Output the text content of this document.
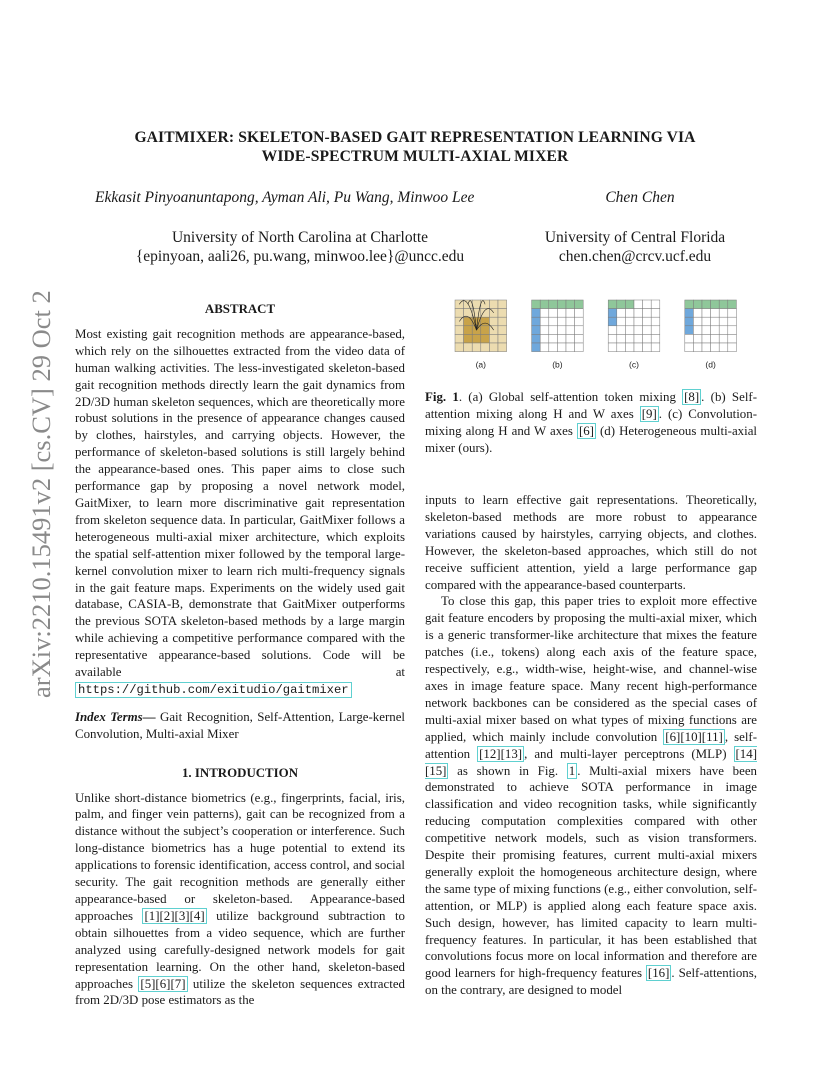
arXiv:2210.15491v2 [cs.CV] 29 Oct 2022
GAITMIXER: SKELETON-BASED GAIT REPRESENTATION LEARNING VIA
WIDE-SPECTRUM MULTI-AXIAL MIXER
Ekkasit Pinyoanuntapong, Ayman Ali, Pu Wang, Minwoo Lee	Chen Chen
University of North Carolina at Charlotte
{epinyoan, aali26, pu.wang, minwoo.lee}@uncc.edu
University of Central Florida
chen.chen@crcv.ucf.edu
ABSTRACT

Most existing gait recognition methods are appearance-based, which rely on the silhouettes extracted from the video data of human walking activities. The less-investigated skeleton-based gait recognition methods directly learn the gait dynamics from 2D/3D human skeleton sequences, which are theoretically more robust solutions in the presence of appearance changes caused by clothes, hairstyles, and carrying objects. However, the performance of skeleton-based solutions is still largely behind the appearance-based ones. This paper aims to close such performance gap by proposing a novel network model, GaitMixer, to learn more discriminative gait representation from skeleton sequence data. In particular, GaitMixer follows a heterogeneous multi-axial mixer architecture, which exploits the spatial self-attention mixer followed by the temporal large-kernel convolution mixer to learn rich multi-frequency signals in the gait feature maps. Experiments on the widely used gait database, CASIA-B, demonstrate that GaitMixer outperforms the previous SOTA skeleton-based methods by a large margin while achieving a competitive performance compared with the representative appearance-based solutions. Code will be available at https://github.com/exitudio/gaitmixer

Index Terms— Gait Recognition, Self-Attention, Large-kernel Convolution, Multi-axial Mixer

1. INTRODUCTION

Unlike short-distance biometrics (e.g., fingerprints, facial, iris, palm, and finger vein patterns), gait can be recognized from a distance without the subject’s cooperation or interference. Such long-distance biometrics has a huge potential to extend its applications to forensic identification, access control, and social security. The gait recognition methods are generally either appearance-based or skeleton-based. Appearance-based approaches [1][2][3][4] utilize background subtraction to obtain silhouettes from a video sequence, which are further analyzed using carefully-designed network models for gait representation learning. On the other hand, skeleton-based approaches [5][6][7] utilize the skeleton sequences extracted from 2D/3D pose estimators as the

(a)	(b)	(c)	(d)
Fig. 1. (a) Global self-attention token mixing [8] . (b) Self-attention mixing along H and W axes [9] . (c) Convolution-mixing along H and W axes [6] (d) Heterogeneous multi-axial mixer (ours).

inputs to learn effective gait representations. Theoretically, skeleton-based methods are more robust to appearance variations caused by hairstyles, carrying objects, and clothes. However, the skeleton-based approaches, which still do not receive sufficient attention, yield a large performance gap compared with the appearance-based counterparts.

To close this gap, this paper tries to exploit more effective gait feature encoders by proposing the multi-axial mixer, which is a generic transformer-like architecture that mixes the feature patches (i.e., tokens) along each axis of the feature space, respectively, e.g., width-wise, height-wise, and channel-wise axes in image feature space. Many recent high-performance network backbones can be considered as the special cases of multi-axial mixer based on what types of mixing functions are applied, which mainly include convolution [6][10][11] , self-attention [12][13] , and multi-layer perceptrons (MLP) [14] [15] as shown in Fig. 1 . Multi-axial mixers have been demonstrated to achieve SOTA performance in image classification and video recognition tasks, while significantly reducing computation complexities compared with other competitive network models, such as vision transformers. Despite their promising features, current multi-axial mixers generally exploit the homogeneous architecture design, where the same type of mixing functions (e.g., either convolution, self-attention, or MLP) is applied along each feature space axis. Such design, however, has limited capacity to learn multi-frequency features. In particular, it has been established that convolutions focus more on local information and therefore are good learners for high-frequency features [16] . Self-attentions, on the contrary, are designed to model
